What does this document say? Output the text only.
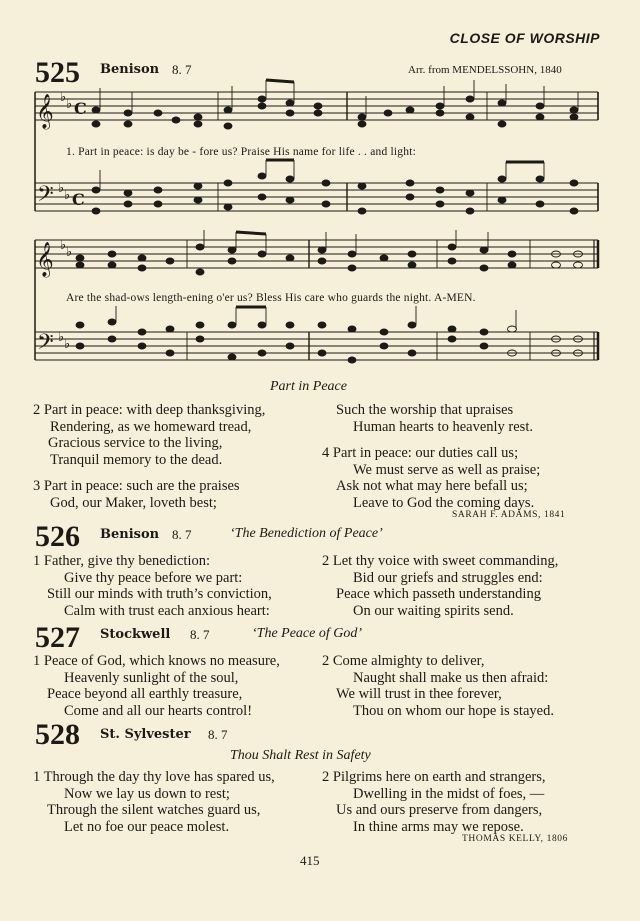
CLOSE OF WORSHIP
525 Benison 8. 7	Arr. from MENDELSSOHN, 1840
𝄞
𝄞
𝄢
𝄢
♭ ♭
♭ ♭
♭ ♭
♭ ♭
C
C
1. Part in peace: is day be - fore us? Praise His name for life . . and light:
Are the shad-ows length-ening o'er us? Bless His care who guards the night. A-MEN.
Part in Peace
2 Part in peace: with deep thanksgiving,
Rendering, as we homeward tread,
Gracious service to the living,
Tranquil memory to the dead.
3 Part in peace: such are the praises
God, our Maker, loveth best;
Such the worship that upraises
Human hearts to heavenly rest.
4 Part in peace: our duties call us;
We must serve as well as praise;
Ask not what may here befall us;
Leave to God the coming days.
SARAH F. ADAMS, 1841
526 Benison 8. 7	‘The Benediction of Peace’
1 Father, give thy benediction:
Give thy peace before we part:
Still our minds with truth’s conviction,
Calm with trust each anxious heart:
2 Let thy voice with sweet commanding,
Bid our griefs and struggles end:
Peace which passeth understanding
On our waiting spirits send.
527 Stockwell 8. 7	‘The Peace of God’
1 Peace of God, which knows no measure,
Heavenly sunlight of the soul,
Peace beyond all earthly treasure,
Come and all our hearts control!
2 Come almighty to deliver,
Naught shall make us then afraid:
We will trust in thee forever,
Thou on whom our hope is stayed.
528 St. Sylvester 8. 7
Thou Shalt Rest in Safety
1 Through the day thy love has spared us,
Now we lay us down to rest;
Through the silent watches guard us,
Let no foe our peace molest.
2 Pilgrims here on earth and strangers,
Dwelling in the midst of foes, —
Us and ours preserve from dangers,
In thine arms may we repose.
THOMAS KELLY, 1806
415
